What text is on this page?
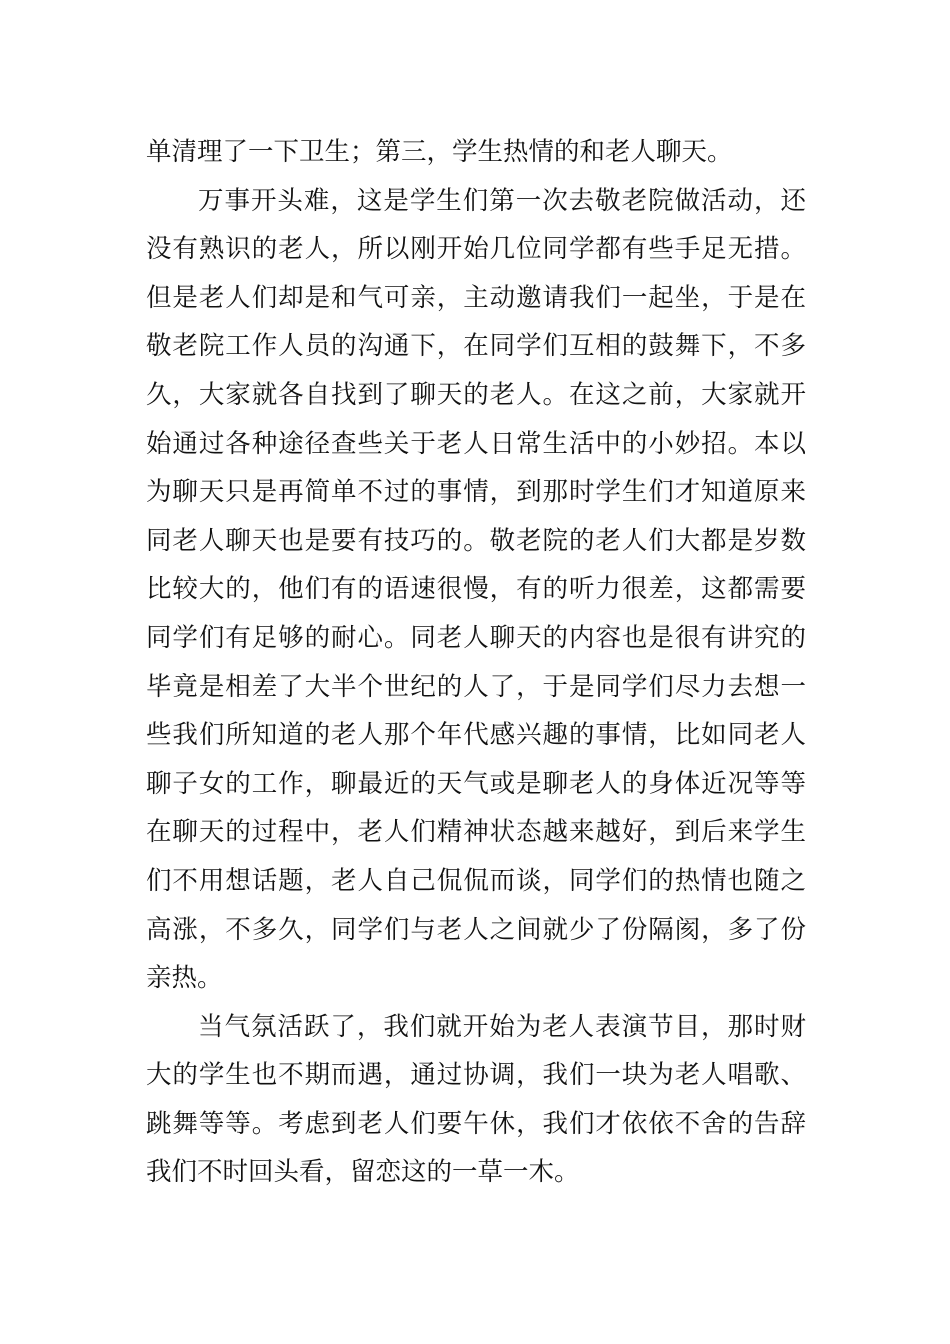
单清理了一下卫生；第三，学生热情的和老人聊天。
万事开头难，这是学生们第一次去敬老院做活动，还
没有熟识的老人，所以刚开始几位同学都有些手足无措。
但是老人们却是和气可亲，主动邀请我们一起坐，于是在
敬老院工作人员的沟通下，在同学们互相的鼓舞下，不多
久，大家就各自找到了聊天的老人。在这之前，大家就开
始通过各种途径查些关于老人日常生活中的小妙招。本以
为聊天只是再简单不过的事情，到那时学生们才知道原来
同老人聊天也是要有技巧的。敬老院的老人们大都是岁数
比较大的，他们有的语速很慢，有的听力很差，这都需要
同学们有足够的耐心。同老人聊天的内容也是很有讲究的
毕竟是相差了大半个世纪的人了，于是同学们尽力去想一
些我们所知道的老人那个年代感兴趣的事情，比如同老人
聊子女的工作，聊最近的天气或是聊老人的身体近况等等
在聊天的过程中，老人们精神状态越来越好，到后来学生
们不用想话题，老人自己侃侃而谈，同学们的热情也随之
高涨，不多久，同学们与老人之间就少了份隔阂，多了份
亲热。
当气氛活跃了，我们就开始为老人表演节目，那时财
大的学生也不期而遇，通过协调，我们一块为老人唱歌、
跳舞等等。考虑到老人们要午休，我们才依依不舍的告辞
我们不时回头看，留恋这的一草一木。
